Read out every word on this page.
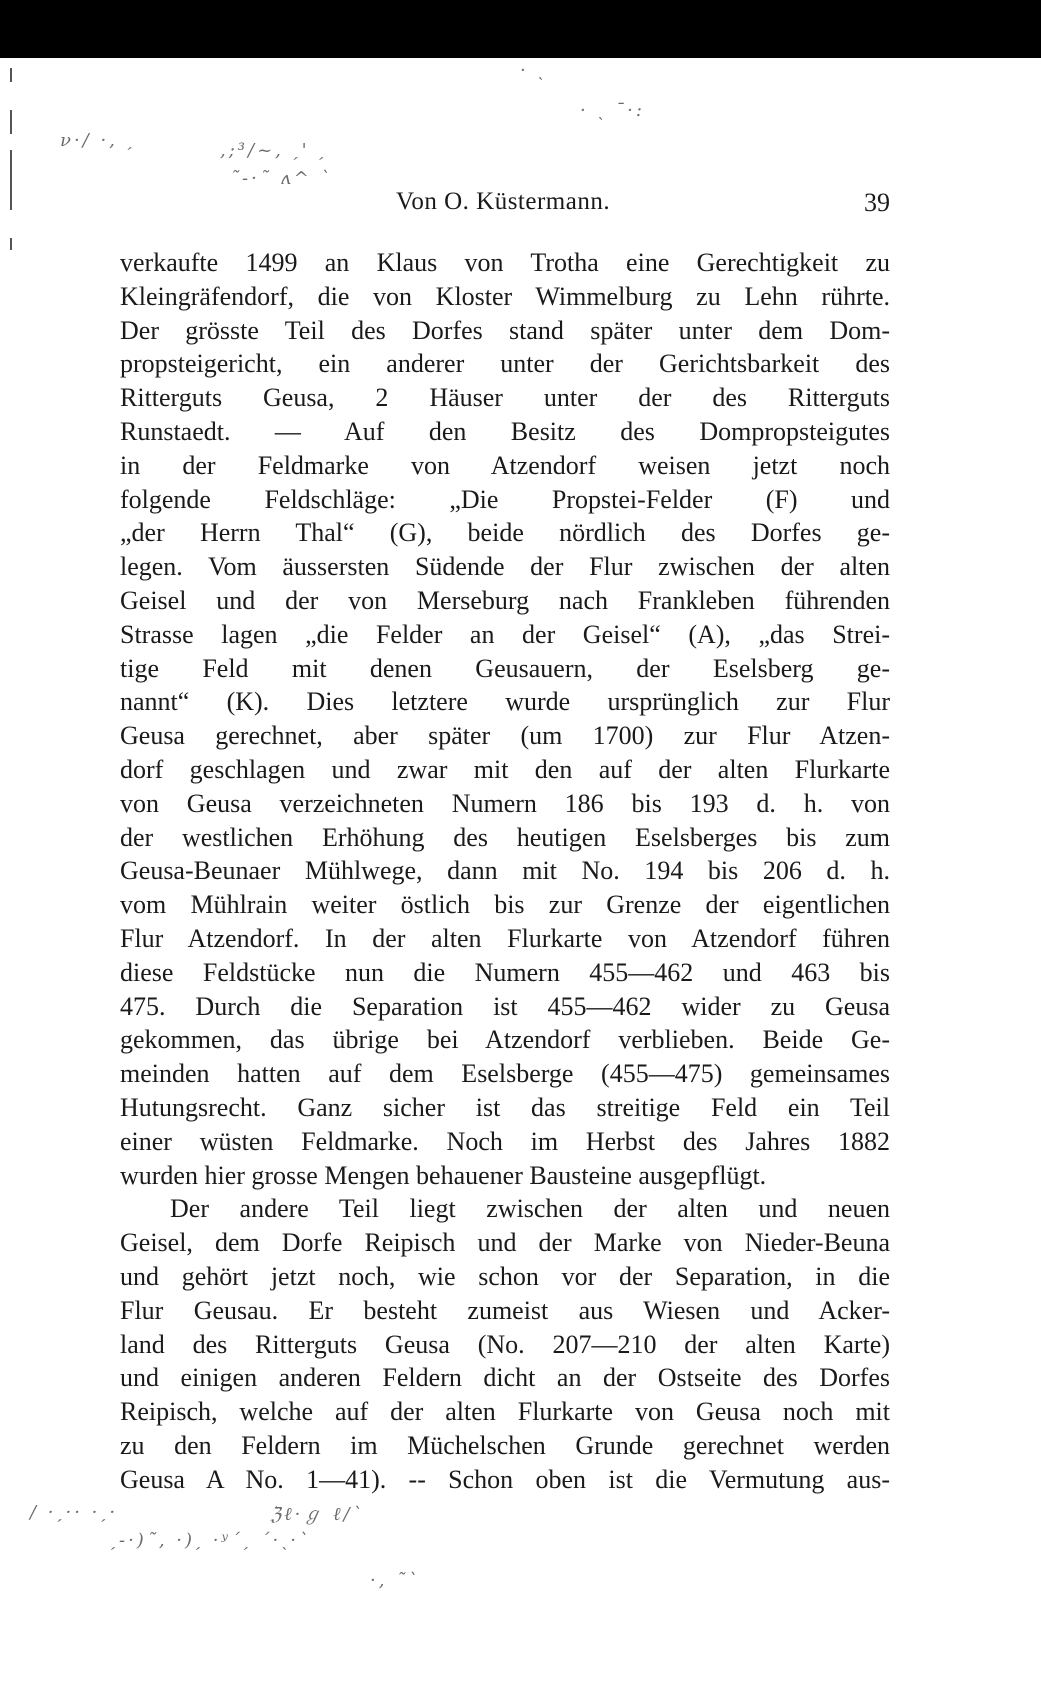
ν·/ ·, ˏ	,;³/~, ˏ' ˏ
˜-·˜ ʌ^ ˋ
· ˎ
· ˎ ˉ·:
/ ·ˏ·· ·ˏ·	ℨℓ·ℊ ℓ/ˋ
ˏ-·)˜, ·)ˏ ·ʸˊˏ ˊ·ˎ·ˋ
·, ˜ˋ
Von O. Küstermann.	39
verkaufte 1499 an Klaus von Trotha eine Gerechtigkeit zu
Kleingräfendorf, die von Kloster Wimmelburg zu Lehn rührte.
Der grösste Teil des Dorfes stand später unter dem Dom-
propsteigericht, ein anderer unter der Gerichtsbarkeit des
Ritterguts Geusa, 2 Häuser unter der des Ritterguts
Runstaedt. — Auf den Besitz des Dompropsteigutes
in der Feldmarke von Atzendorf weisen jetzt noch
folgende Feldschläge: „Die Propstei-Felder (F) und
„der Herrn Thal“ (G), beide nördlich des Dorfes ge-
legen. Vom äussersten Südende der Flur zwischen der alten
Geisel und der von Merseburg nach Frankleben führenden
Strasse lagen „die Felder an der Geisel“ (A), „das Strei-
tige Feld mit denen Geusauern, der Eselsberg ge-
nannt“ (K). Dies letztere wurde ursprünglich zur Flur
Geusa gerechnet, aber später (um 1700) zur Flur Atzen-
dorf geschlagen und zwar mit den auf der alten Flurkarte
von Geusa verzeichneten Numern 186 bis 193 d. h. von
der westlichen Erhöhung des heutigen Eselsberges bis zum
Geusa-Beunaer Mühlwege, dann mit No. 194 bis 206 d. h.
vom Mühlrain weiter östlich bis zur Grenze der eigentlichen
Flur Atzendorf. In der alten Flurkarte von Atzendorf führen
diese Feldstücke nun die Numern 455—462 und 463 bis
475. Durch die Separation ist 455—462 wider zu Geusa
gekommen, das übrige bei Atzendorf verblieben. Beide Ge-
meinden hatten auf dem Eselsberge (455—475) gemeinsames
Hutungsrecht. Ganz sicher ist das streitige Feld ein Teil
einer wüsten Feldmarke. Noch im Herbst des Jahres 1882
wurden hier grosse Mengen behauener Bausteine ausgepflügt.
Der andere Teil liegt zwischen der alten und neuen
Geisel, dem Dorfe Reipisch und der Marke von Nieder-Beuna
und gehört jetzt noch, wie schon vor der Separation, in die
Flur Geusau. Er besteht zumeist aus Wiesen und Acker-
land des Ritterguts Geusa (No. 207—210 der alten Karte)
und einigen anderen Feldern dicht an der Ostseite des Dorfes
Reipisch, welche auf der alten Flurkarte von Geusa noch mit
zu den Feldern im Müchelschen Grunde gerechnet werden
Geusa A No. 1—41). -- Schon oben ist die Vermutung aus-
